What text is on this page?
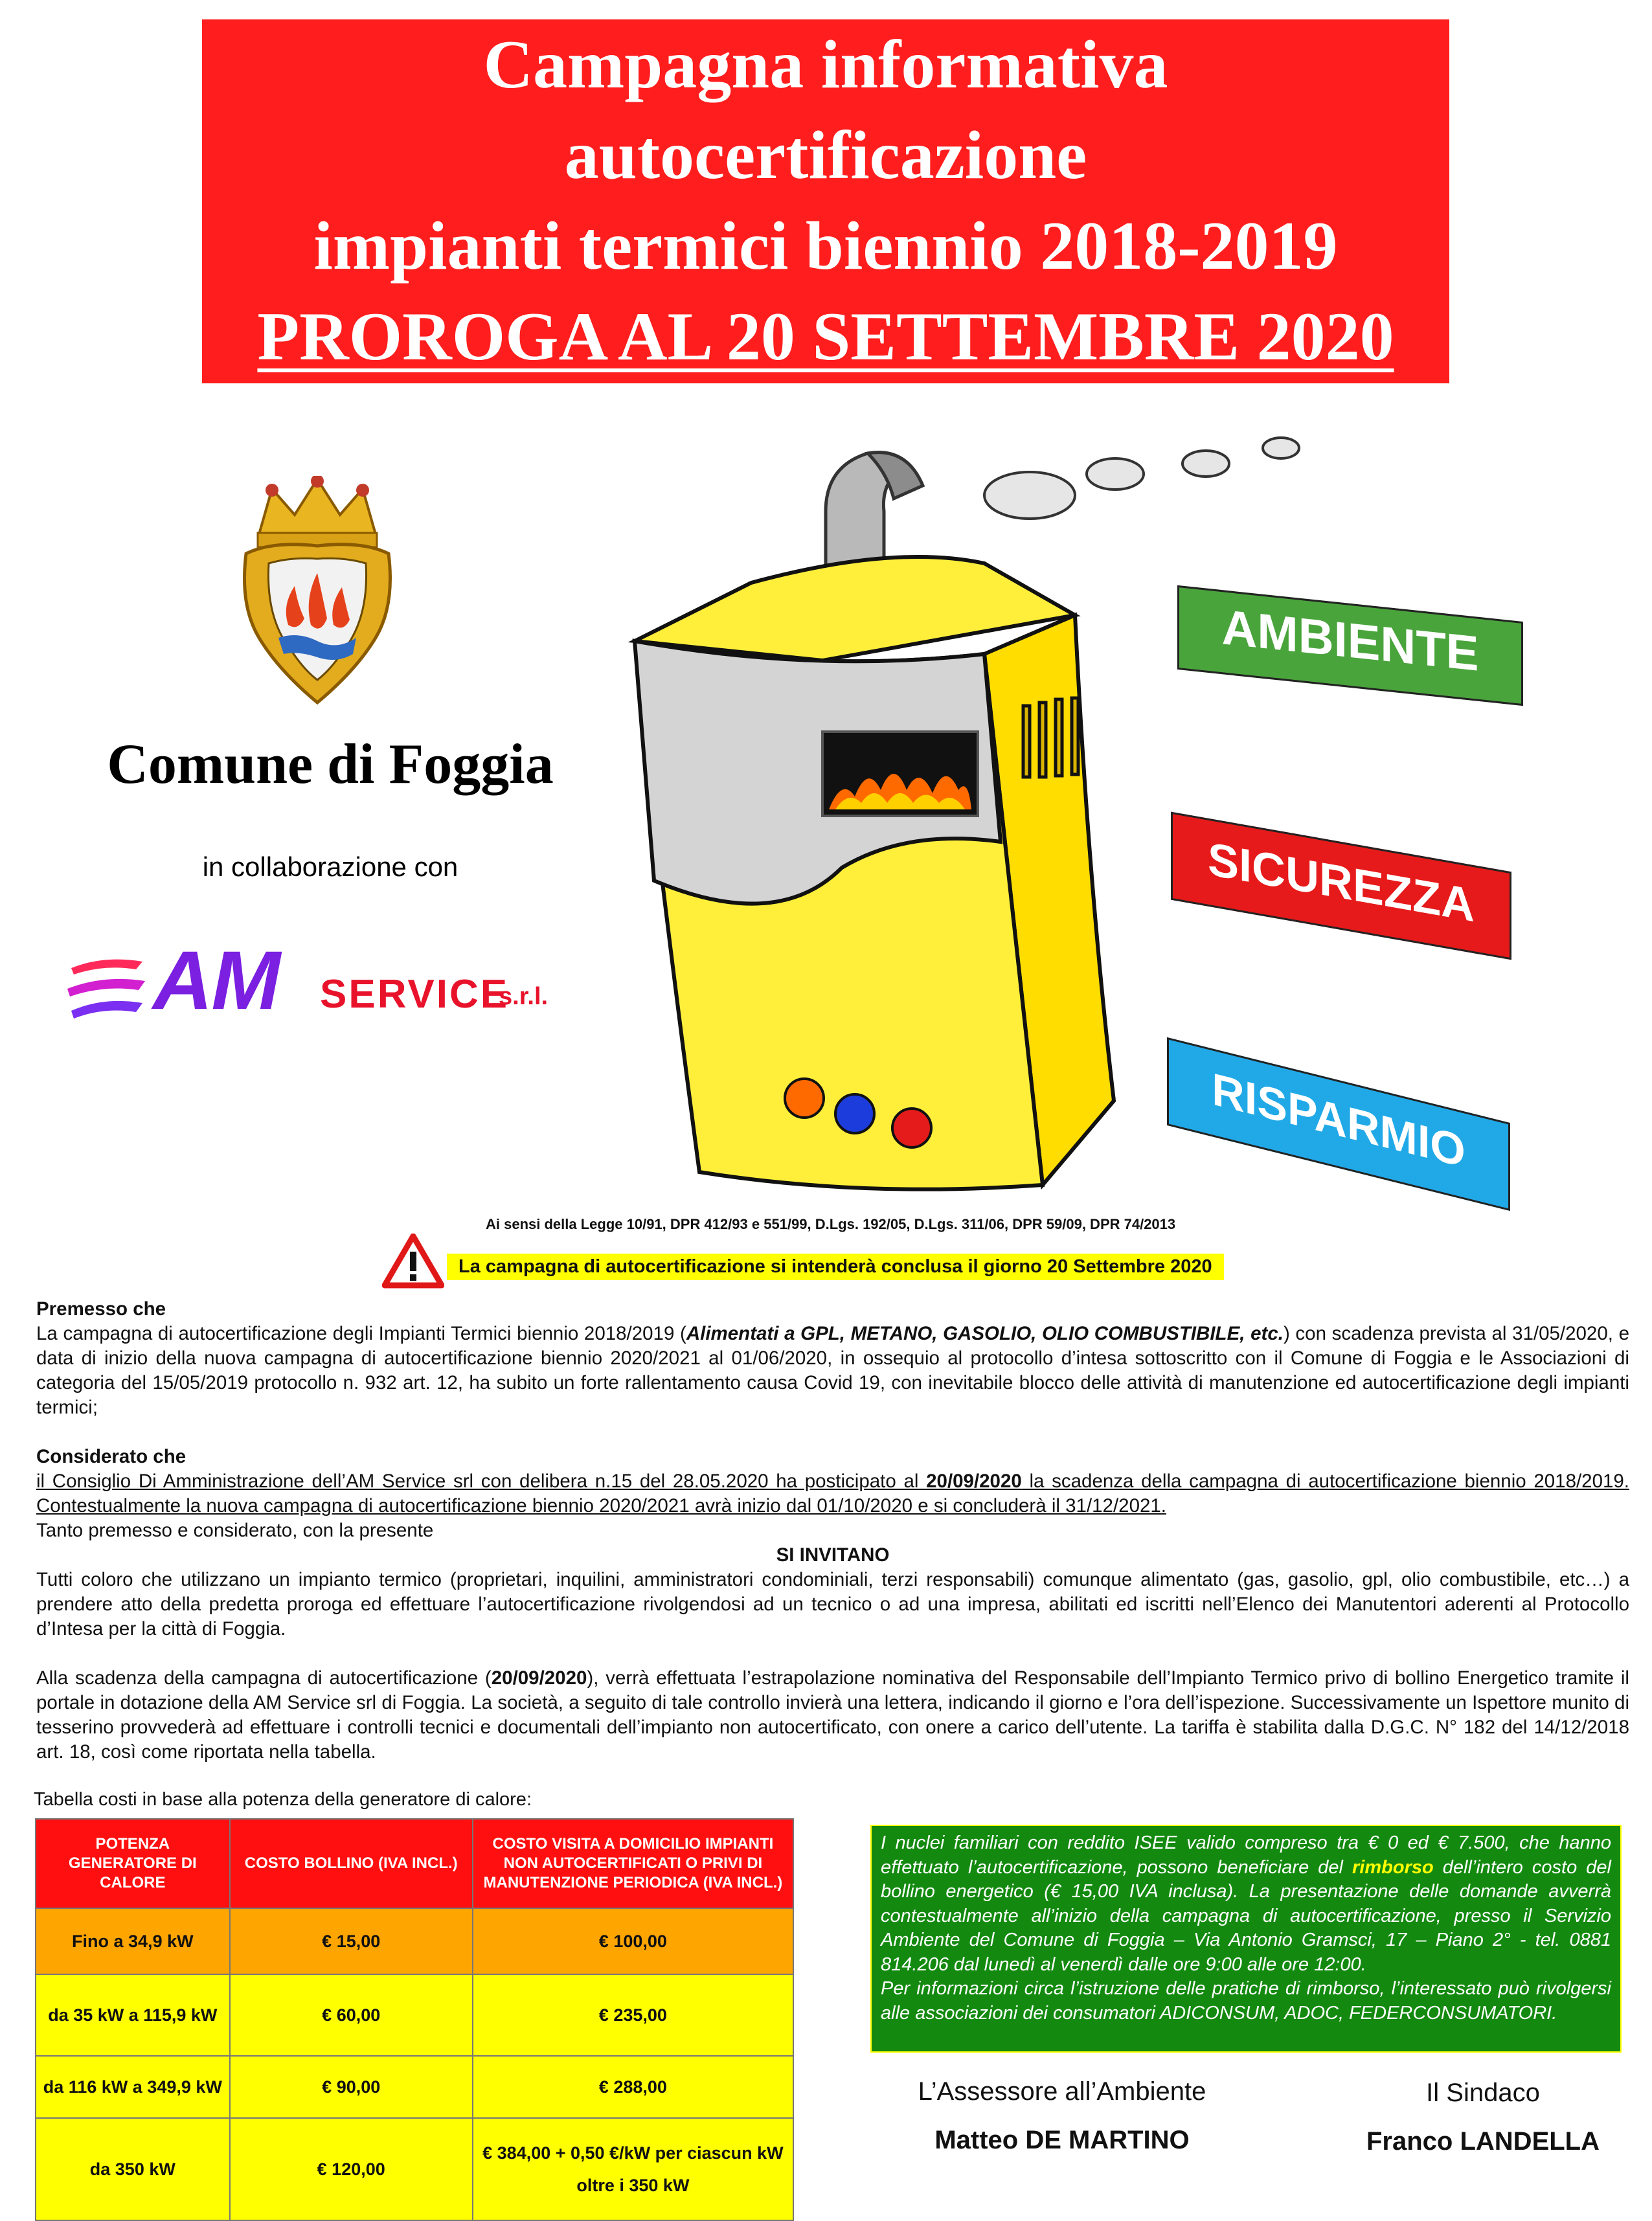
Campagna informativa
autocertificazione
impianti termici biennio 2018-2019
PROROGA AL 20 SETTEMBRE 2020
Comune di Foggia
in collaborazione con
AM SERVICE
s.r.l.
AMBIENTE
SICUREZZA
RISPARMIO
Ai sensi della Legge 10/91, DPR 412/93 e 551/99, D.Lgs. 192/05, D.Lgs. 311/06, DPR 59/09, DPR 74/2013
La campagna di autocertificazione si intenderà conclusa il giorno 20 Settembre 2020

Premesso che

La campagna di autocertificazione degli Impianti Termici biennio 2018/2019 (Alimentati a GPL, METANO, GASOLIO, OLIO COMBUSTIBILE, etc.) con scadenza prevista al 31/05/2020, e data di inizio della nuova campagna di autocertificazione biennio 2020/2021 al 01/06/2020, in ossequio al protocollo d’intesa sottoscritto con il Comune di Foggia e le Associazioni di categoria del 15/05/2019 protocollo n. 932 art. 12, ha subito un forte rallentamento causa Covid 19, con inevitabile blocco delle attività di manutenzione ed autocertificazione degli impianti termici;

Considerato che

il Consiglio Di Amministrazione dell’AM Service srl con delibera n.15 del 28.05.2020 ha posticipato al 20/09/2020 la scadenza della campagna di autocertificazione biennio 2018/2019. Contestualmente la nuova campagna di autocertificazione biennio 2020/2021 avrà inizio dal 01/10/2020 e si concluderà il 31/12/2021.

Tanto premesso e considerato, con la presente

SI INVITANO

Tutti coloro che utilizzano un impianto termico (proprietari, inquilini, amministratori condominiali, terzi responsabili) comunque alimentato (gas, gasolio, gpl, olio combustibile, etc…) a prendere atto della predetta proroga ed effettuare l’autocertificazione rivolgendosi ad un tecnico o ad una impresa, abilitati ed iscritti nell’Elenco dei Manutentori aderenti al Protocollo d’Intesa per la città di Foggia.

Alla scadenza della campagna di autocertificazione (20/09/2020), verrà effettuata l’estrapolazione nominativa del Responsabile dell’Impianto Termico privo di bollino Energetico tramite il portale in dotazione della AM Service srl di Foggia. La società, a seguito di tale controllo invierà una lettera, indicando il giorno e l’ora dell’ispezione. Successivamente un Ispettore munito di tesserino provvederà ad effettuare i controlli tecnici e documentali dell’impianto non autocertificato, con onere a carico dell’utente. La tariffa è stabilita dalla D.G.C. N° 182 del 14/12/2018 art. 18, così come riportata nella tabella.

Tabella costi in base alla potenza della generatore di calore:
POTENZA GENERATORE DI CALORE	COSTO BOLLINO (IVA INCL.)	COSTO VISITA A DOMICILIO IMPIANTI NON AUTOCERTIFICATI O PRIVI DI MANUTENZIONE PERIODICA (IVA INCL.)
Fino a 34,9 kW	€ 15,00	€ 100,00
da 35 kW a 115,9 kW	€ 60,00	€ 235,00
da 116 kW a 349,9 kW	€ 90,00	€ 288,00
da 350 kW	€ 120,00	€ 384,00 + 0,50 €/kW per ciascun kW oltre i 350 kW
I nuclei familiari con reddito ISEE valido compreso tra € 0 ed € 7.500, che hanno effettuato l’autocertificazione, possono beneficiare del rimborso dell’intero costo del bollino energetico (€ 15,00 IVA inclusa). La presentazione delle domande avverrà contestualmente all’inizio della campagna di autocertificazione, presso il Servizio Ambiente del Comune di Foggia – Via Antonio Gramsci, 17 – Piano 2° - tel. 0881 814.206 dal lunedì al venerdì dalle ore 9:00 alle ore 12:00.
Per informazioni circa l’istruzione delle pratiche di rimborso, l’interessato può rivolgersi alle associazioni dei consumatori ADICONSUM, ADOC, FEDERCONSUMATORI.
L’Assessore all’Ambiente
Matteo DE MARTINO
Il Sindaco
Franco LANDELLA
